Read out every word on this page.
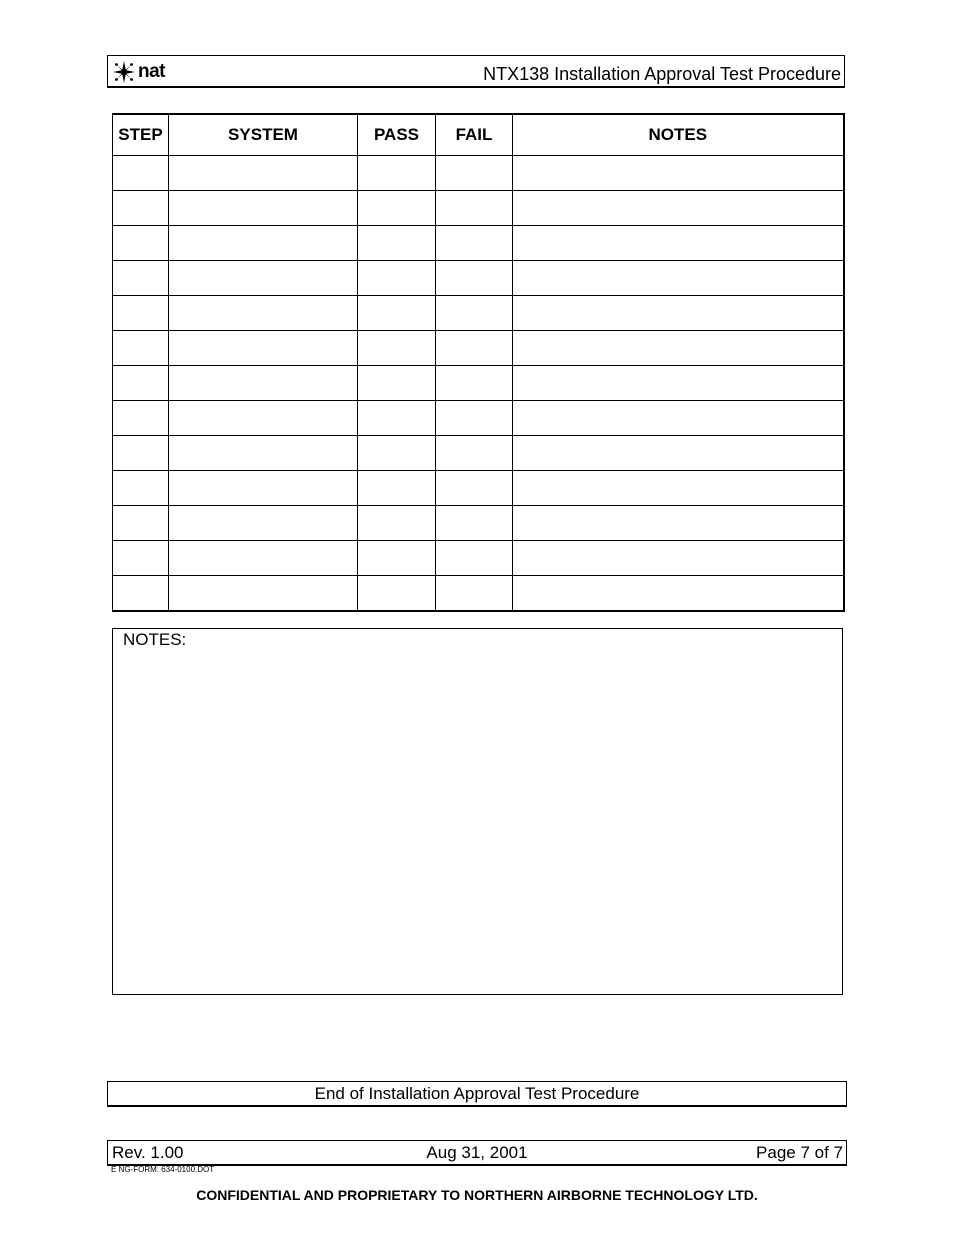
nat	NTX138 Installation Approval Test Procedure
STEP	SYSTEM	PASS	FAIL	NOTES

NOTES:
End of Installation Approval Test Procedure
Rev. 1.00	Aug 31, 2001	Page 7 of 7
E NG-FORM: 634-0100.DOT
CONFIDENTIAL AND PROPRIETARY TO NORTHERN AIRBORNE TECHNOLOGY LTD.
